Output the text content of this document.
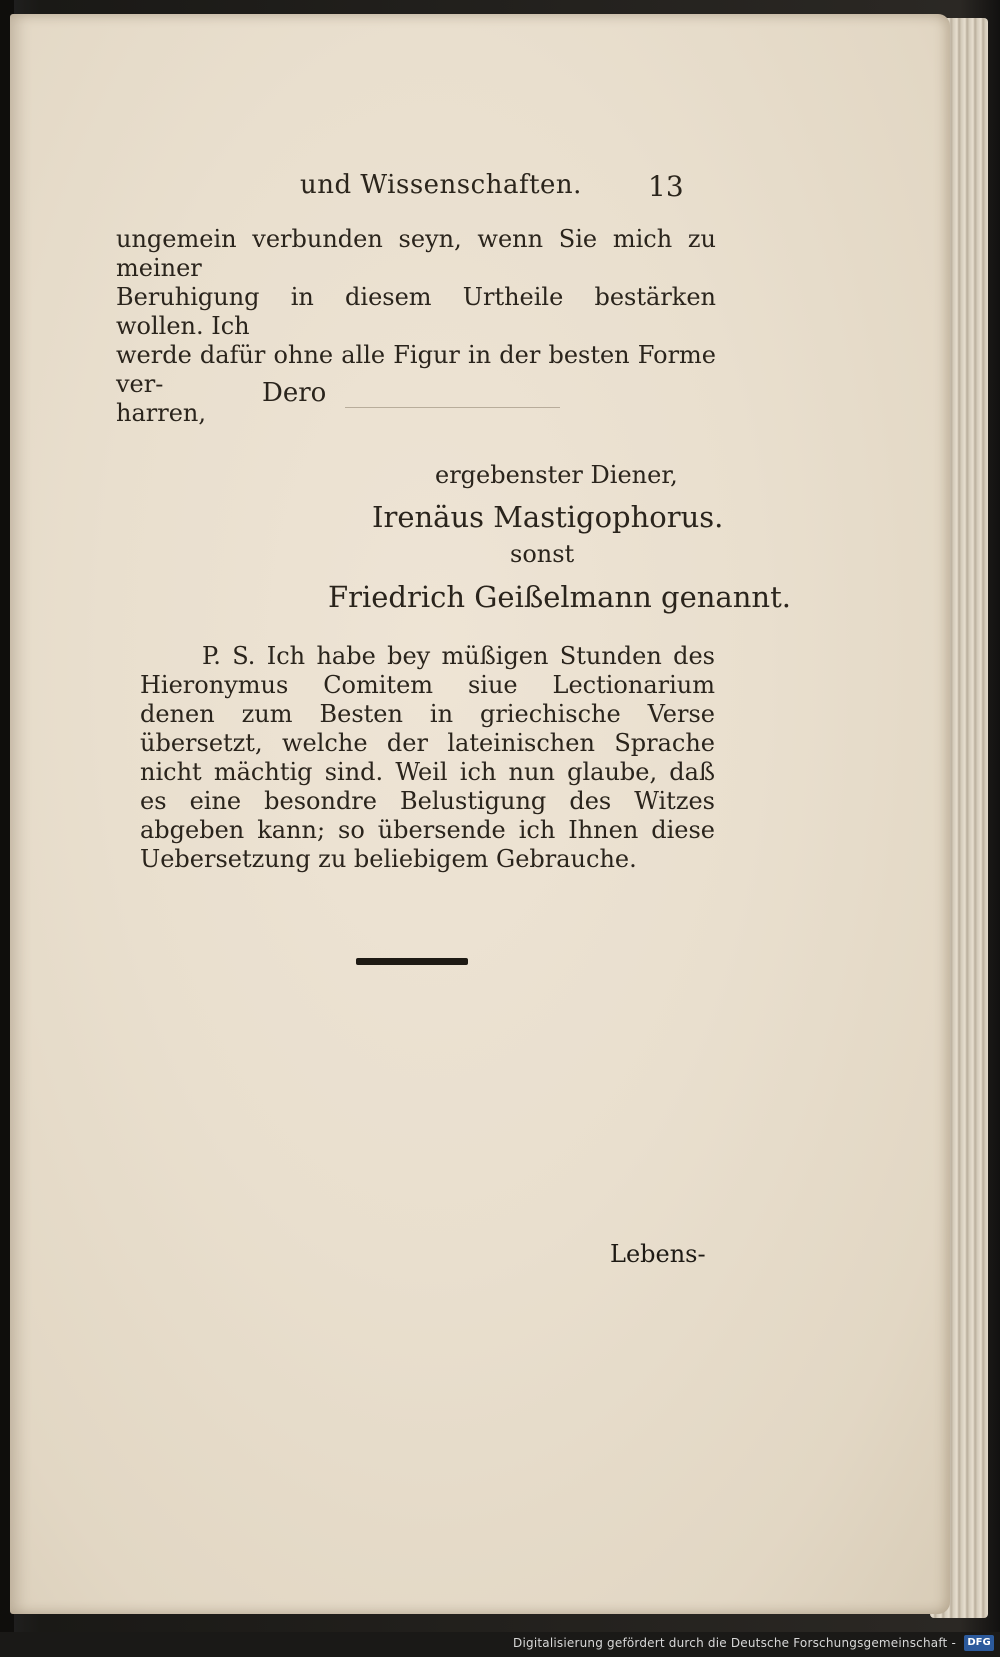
und Wissenschaften. 13
ungemein verbunden seyn, wenn Sie mich zu meiner
Beruhigung in diesem Urtheile bestärken wollen. Ich
werde dafür ohne alle Figur in der besten Forme ver-
harren,
Dero
ergebenster Diener,
Irenäus Mastigophorus.
sonst
Friedrich Geißelmann genannt.
P. S. Ich habe bey müßigen Stunden des Hieronymus Comitem siue Lectionarium denen zum Besten in griechische Verse übersetzt, welche der lateinischen Sprache nicht mächtig sind. Weil ich nun glaube, daß es eine besondre Belustigung des Witzes abgeben kann; so übersende ich Ihnen diese Uebersetzung zu beliebigem Gebrauche.
Lebens-
Digitalisierung gefördert durch die Deutsche Forschungsgemeinschaft -	DFG
